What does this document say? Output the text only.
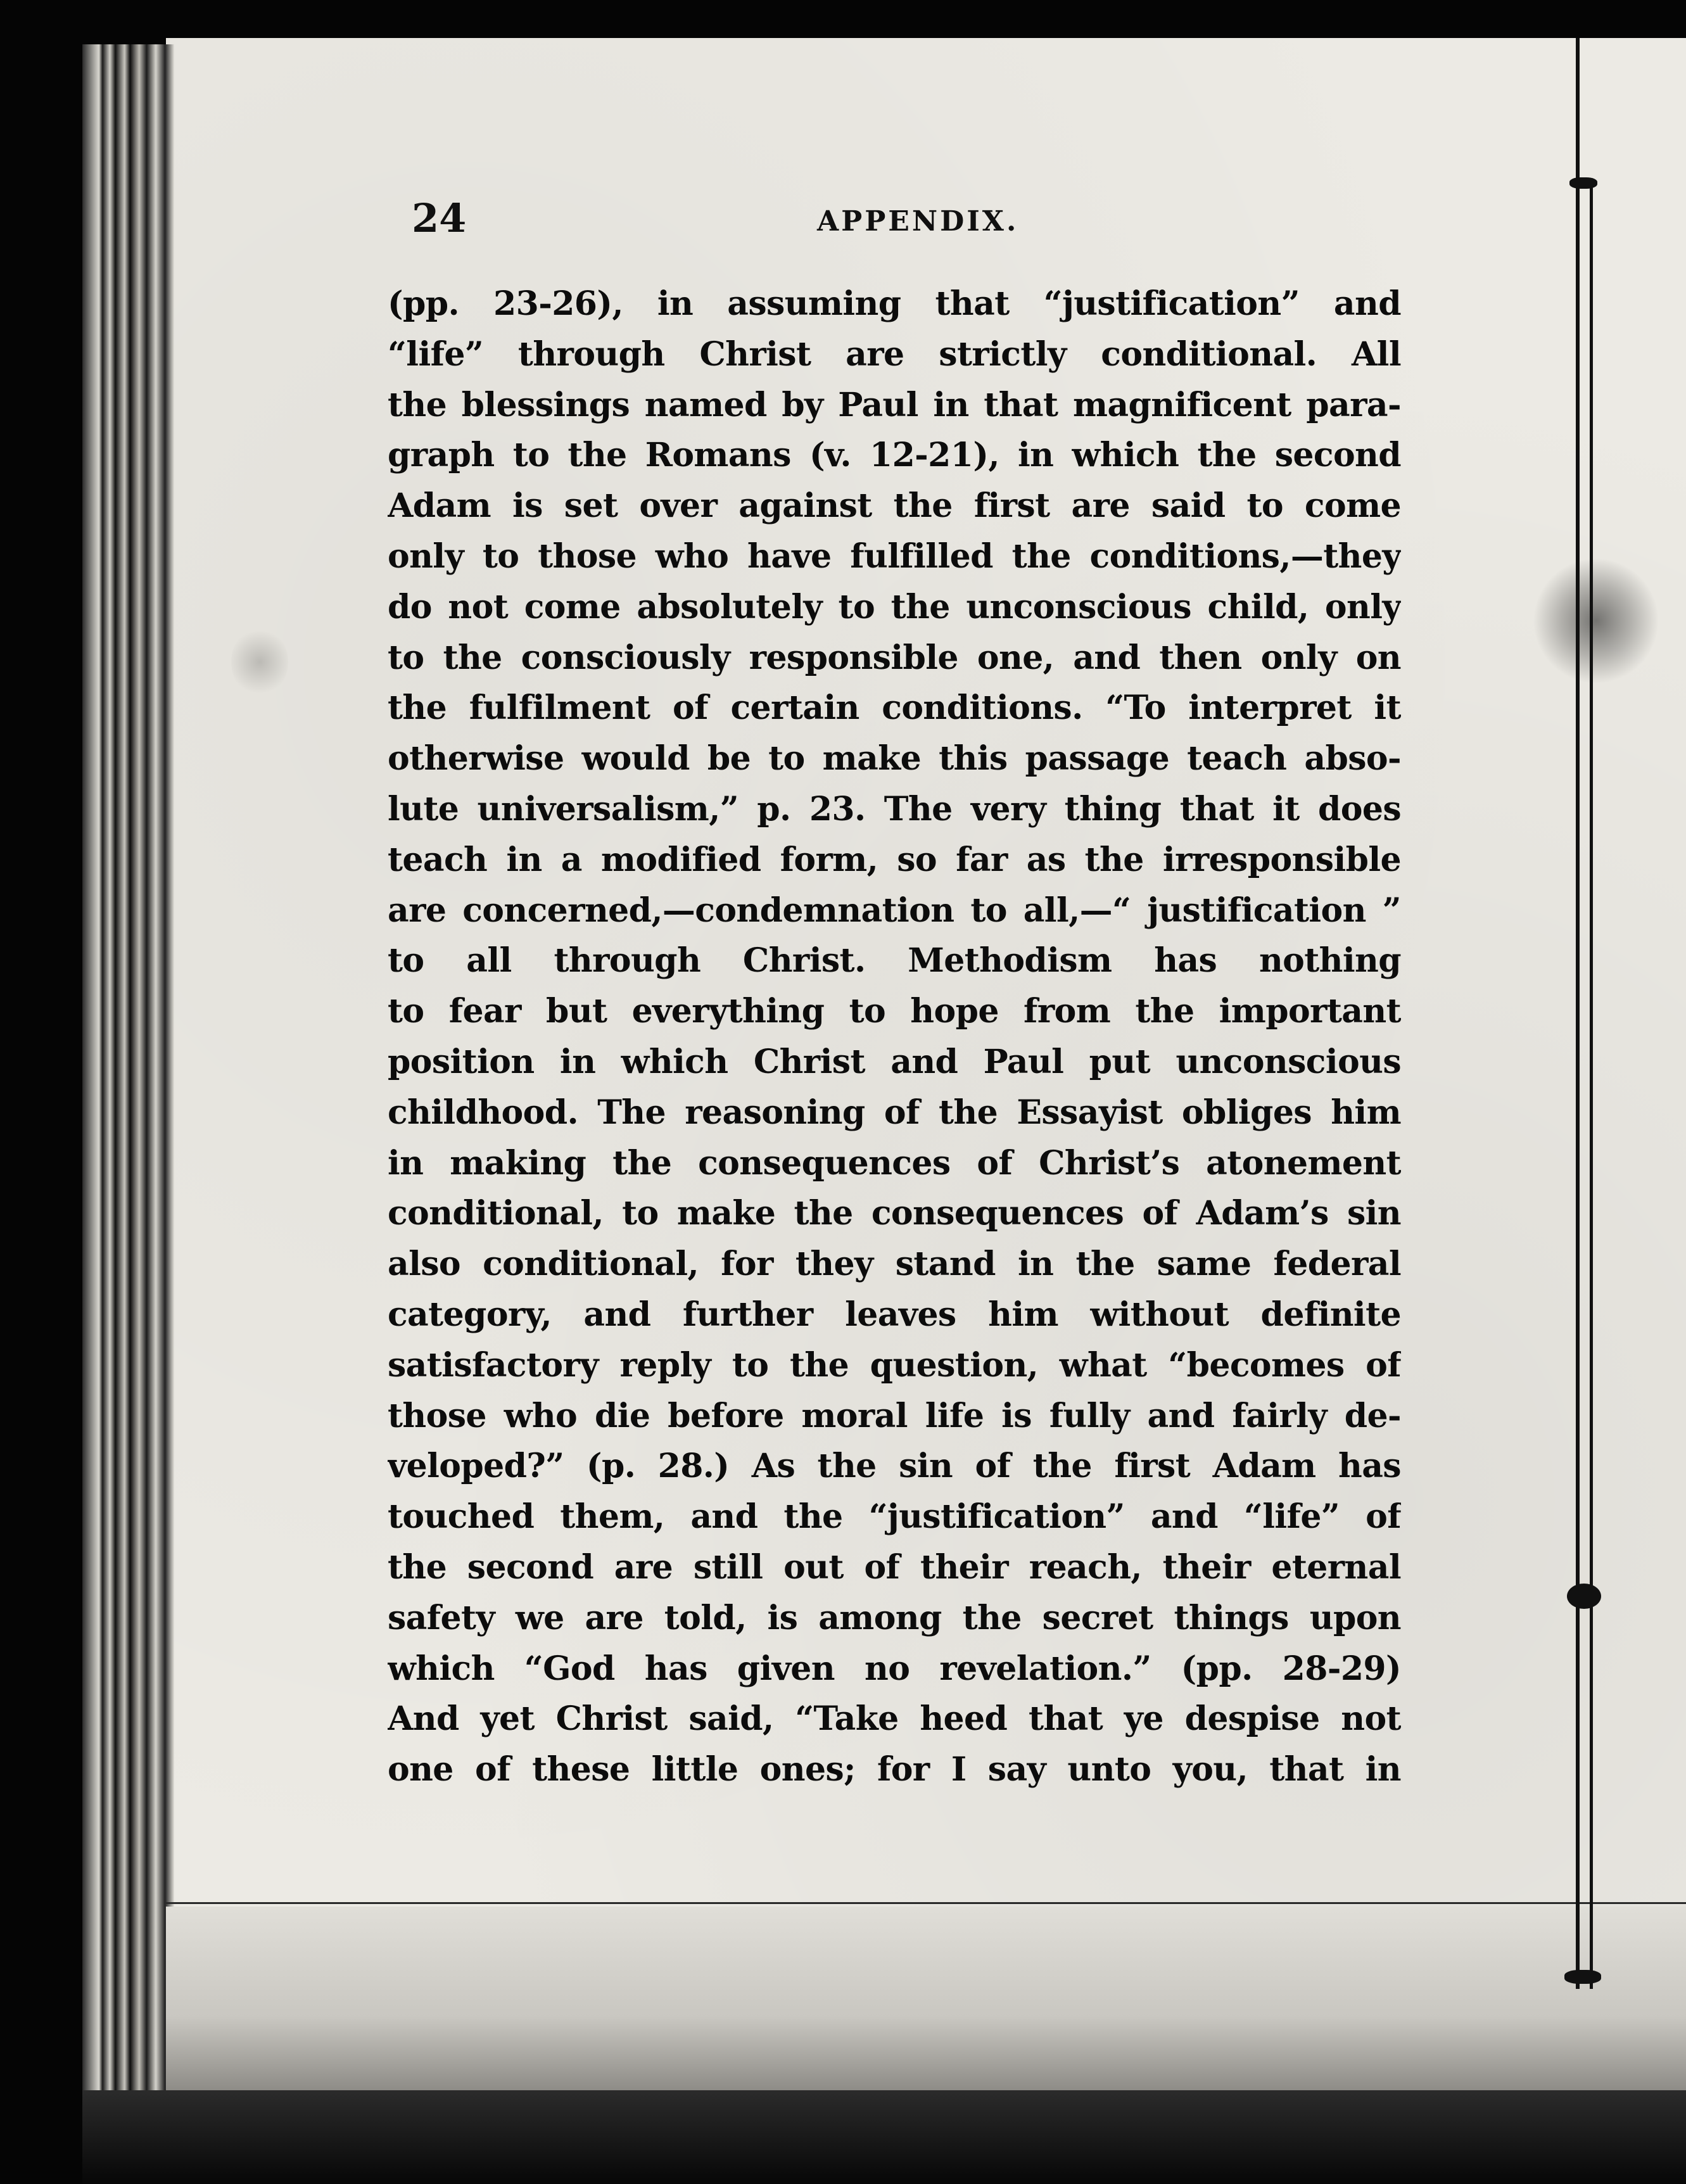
24	APPENDIX.
(pp. 23-26), in assuming that “justification” and
“life” through Christ are strictly conditional. All
the blessings named by Paul in that magnificent para-
graph to the Romans (v. 12-21), in which the second
Adam is set over against the first are said to come
only to those who have fulfilled the conditions,—they
do not come absolutely to the unconscious child, only
to the consciously responsible one, and then only on
the fulfilment of certain conditions. “To interpret it
otherwise would be to make this passage teach abso-
lute universalism,” p. 23. The very thing that it does
teach in a modified form, so far as the irresponsible
are concerned,—condemnation to all,—“ justification ”
to all through Christ. Methodism has nothing
to fear but everything to hope from the important
position in which Christ and Paul put unconscious
childhood. The reasoning of the Essayist obliges him
in making the consequences of Christ’s atonement
conditional, to make the consequences of Adam’s sin
also conditional, for they stand in the same federal
category, and further leaves him without definite
satisfactory reply to the question, what “becomes of
those who die before moral life is fully and fairly de-
veloped?” (p. 28.) As the sin of the first Adam has
touched them, and the “justification” and “life” of
the second are still out of their reach, their eternal
safety we are told, is among the secret things upon
which “God has given no revelation.” (pp. 28-29)
And yet Christ said, “Take heed that ye despise not
one of these little ones; for I say unto you, that in
